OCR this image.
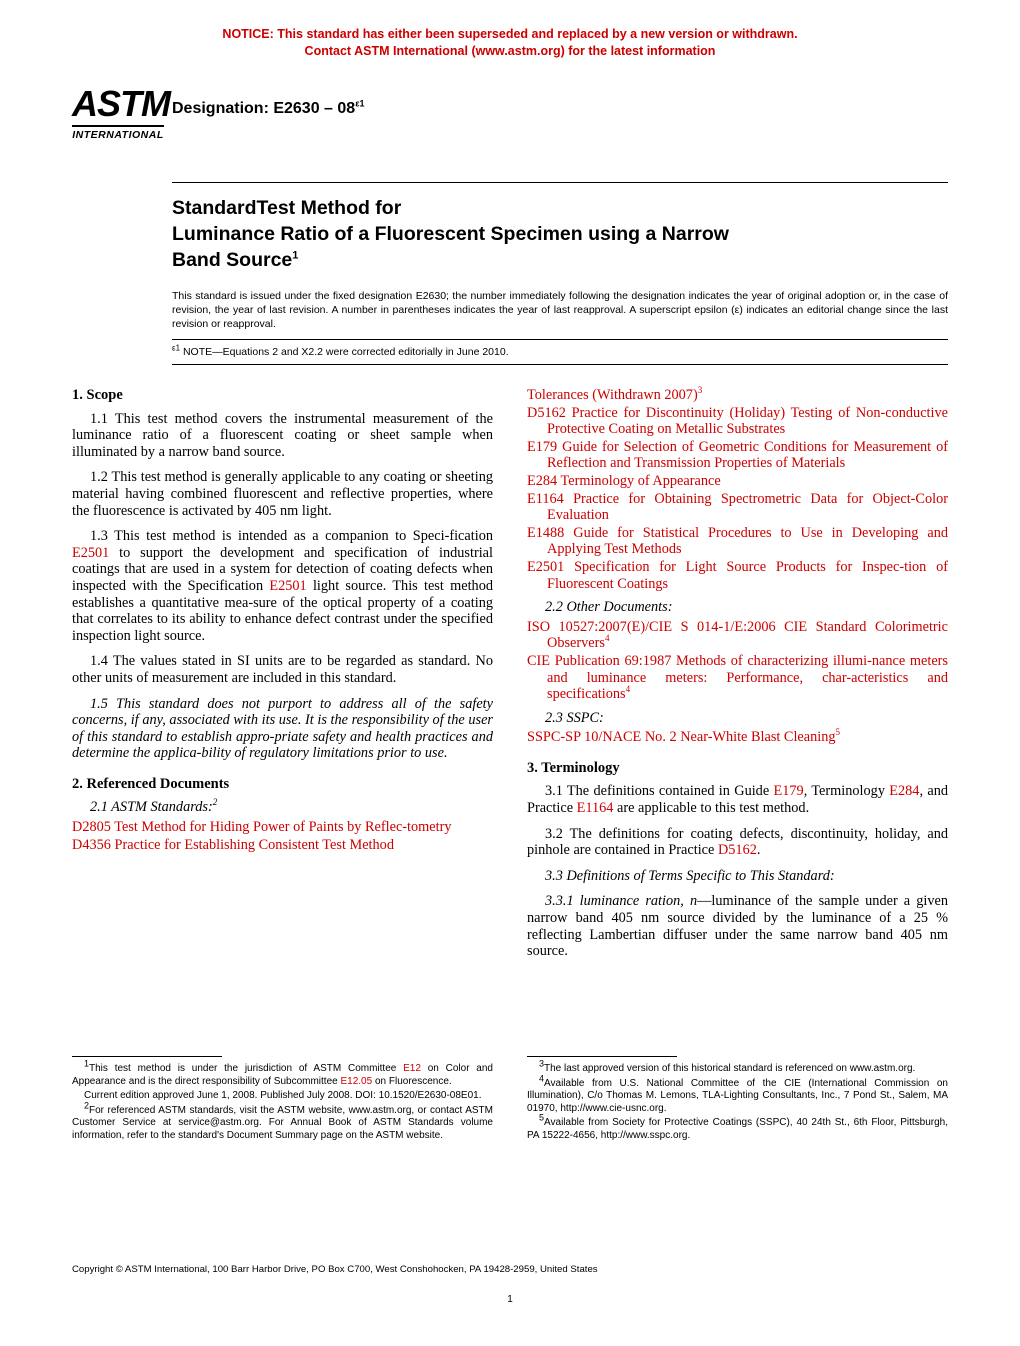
NOTICE: This standard has either been superseded and replaced by a new version or withdrawn.
Contact ASTM International (www.astm.org) for the latest information
ASTM
INTERNATIONAL
Designation: $E2630 - 08^{\varepsilon 1}$
StandardTest Method for
Luminance Ratio of a Fluorescent Specimen using a Narrow
Band Source$^1$
This standard is issued under the fixed designation E2630; the number immediately following the designation indicates the year of original adoption or, in the case of revision, the year of last revision. A number in parentheses indicates the year of last reapproval. A superscript epsilon (ε) indicates an editorial change since the last revision or reapproval.
$^{\varepsilon 1}$ NOTE—Equations 2 and X2.2 were corrected editorially in June 2010.
1. Scope

1.1 This test method covers the instrumental measurement of the luminance ratio of a fluorescent coating or sheet sample when illuminated by a narrow band source.

1.2 This test method is generally applicable to any coating or sheeting material having combined fluorescent and reflective properties, where the fluorescence is activated by 405 nm light.

1.3 This test method is intended as a companion to Speci-fication E2501 to support the development and specification of industrial coatings that are used in a system for detection of coating defects when inspected with the Specification E2501 light source. This test method establishes a quantitative mea-sure of the optical property of a coating that correlates to its ability to enhance defect contrast under the specified inspection light source.

1.4 The values stated in SI units are to be regarded as standard. No other units of measurement are included in this standard.

1.5 This standard does not purport to address all of the safety concerns, if any, associated with its use. It is the responsibility of the user of this standard to establish appro-priate safety and health practices and determine the applica-bility of regulatory limitations prior to use.

2. Referenced Documents

2.1 ASTM Standards:$^2$

D2805 Test Method for Hiding Power of Paints by Reflec-tometry
D4356 Practice for Establishing Consistent Test Method
Tolerances (Withdrawn 2007)$^3$
D5162 Practice for Discontinuity (Holiday) Testing of Non-conductive Protective Coating on Metallic Substrates
E179 Guide for Selection of Geometric Conditions for Measurement of Reflection and Transmission Properties of Materials
E284 Terminology of Appearance
E1164 Practice for Obtaining Spectrometric Data for Object-Color Evaluation
E1488 Guide for Statistical Procedures to Use in Developing and Applying Test Methods
E2501 Specification for Light Source Products for Inspec-tion of Fluorescent Coatings

2.2 Other Documents:

ISO 10527:2007(E)/CIE S 014-1/E:2006 CIE Standard Colorimetric Observers$^4$
CIE Publication 69:1987 Methods of characterizing illumi-nance meters and luminance meters: Performance, char-acteristics and specifications$^4$

2.3 SSPC:

SSPC-SP 10/NACE No. 2 Near-White Blast Cleaning$^5$
3. Terminology

3.1 The definitions contained in Guide E179, Terminology E284, and Practice E1164 are applicable to this test method.

3.2 The definitions for coating defects, discontinuity, holiday, and pinhole are contained in Practice D5162.

3.3 Definitions of Terms Specific to This Standard:

3.3.1 luminance ration, n—luminance of the sample under a given narrow band 405 nm source divided by the luminance of a 25 % reflecting Lambertian diffuser under the same narrow band 405 nm source.

$^1$This test method is under the jurisdiction of ASTM Committee E12 on Color and Appearance and is the direct responsibility of Subcommittee E12.05 on Fluorescence.

Current edition approved June 1, 2008. Published July 2008. DOI: 10.1520/E2630-08E01.

$^2$For referenced ASTM standards, visit the ASTM website, www.astm.org, or contact ASTM Customer Service at service@astm.org. For Annual Book of ASTM Standards volume information, refer to the standard's Document Summary page on the ASTM website.

$^3$The last approved version of this historical standard is referenced on www.astm.org.

$^4$Available from U.S. National Committee of the CIE (International Commission on Illumination), C/o Thomas M. Lemons, TLA-Lighting Consultants, Inc., 7 Pond St., Salem, MA 01970, http://www.cie-usnc.org.

$^5$Available from Society for Protective Coatings (SSPC), 40 24th St., 6th Floor, Pittsburgh, PA 15222-4656, http://www.sspc.org.

Copyright © ASTM International, 100 Barr Harbor Drive, PO Box C700, West Conshohocken, PA 19428-2959, United States
1
